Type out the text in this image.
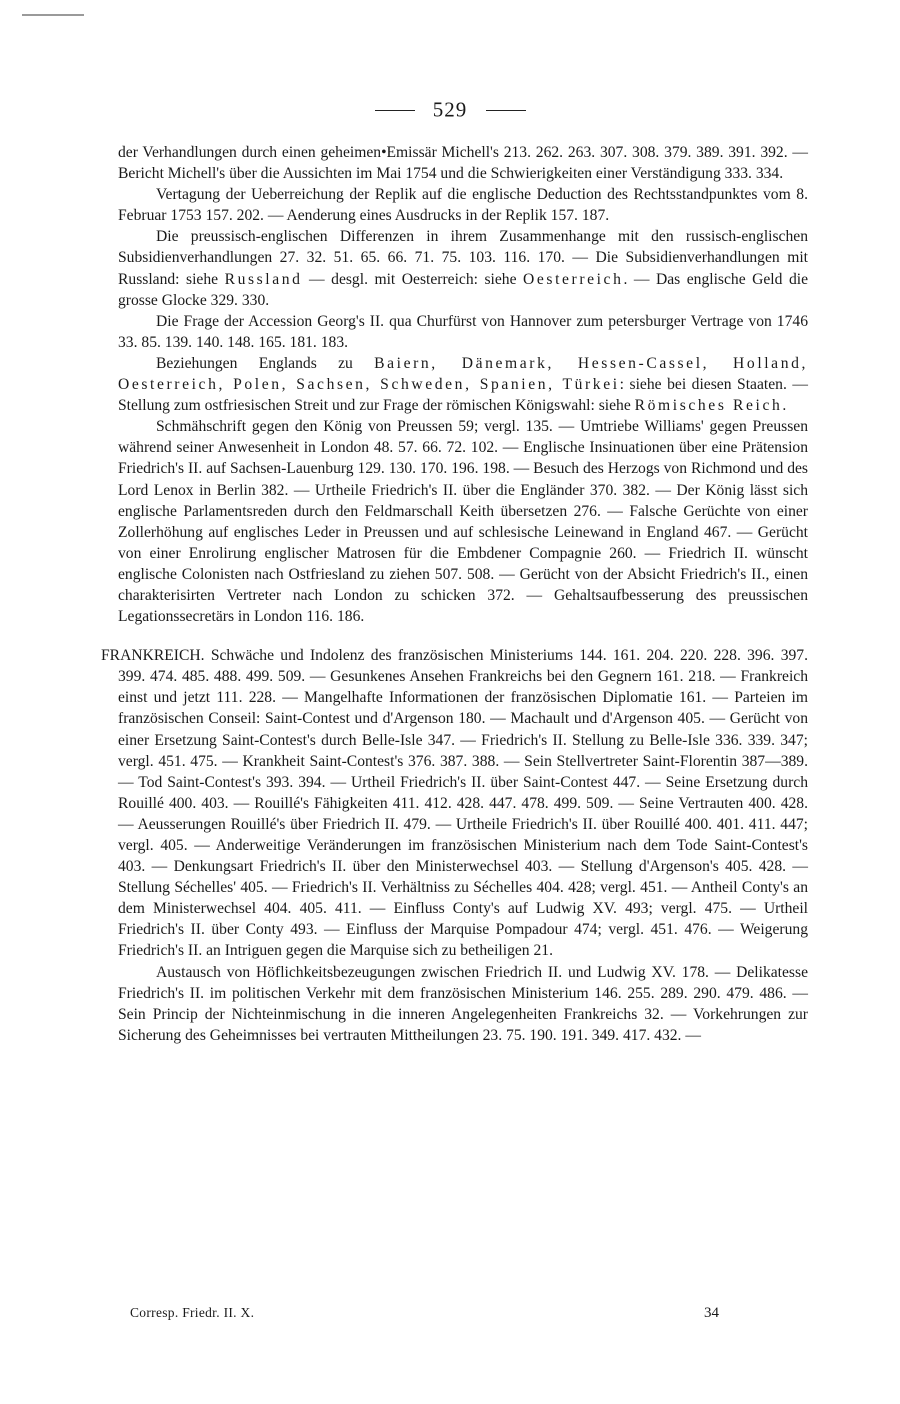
529

der Verhandlungen durch einen geheimen•Emissär Michell's 213. 262. 263. 307. 308. 379. 389. 391. 392. — Bericht Michell's über die Aussichten im Mai 1754 und die Schwierigkeiten einer Verständigung 333. 334.

Vertagung der Ueberreichung der Replik auf die englische Deduction des Rechtsstandpunktes vom 8. Februar 1753 157. 202. — Aenderung eines Ausdrucks in der Replik 157. 187.

Die preussisch-englischen Differenzen in ihrem Zusammenhange mit den russisch-englischen Subsidienverhandlungen 27. 32. 51. 65. 66. 71. 75. 103. 116. 170. — Die Subsidienverhandlungen mit Russland: siehe Russland — desgl. mit Oesterreich: siehe Oesterreich. — Das englische Geld die grosse Glocke 329. 330.

Die Frage der Accession Georg's II. qua Churfürst von Hannover zum petersburger Vertrage von 1746 33. 85. 139. 140. 148. 165. 181. 183.

Beziehungen Englands zu Baiern, Dänemark, Hessen-Cassel, Holland, Oesterreich, Polen, Sachsen, Schweden, Spanien, Türkei: siehe bei diesen Staaten. — Stellung zum ostfriesischen Streit und zur Frage der römischen Königswahl: siehe Römisches Reich.

Schmähschrift gegen den König von Preussen 59; vergl. 135. — Umtriebe Williams' gegen Preussen während seiner Anwesenheit in London 48. 57. 66. 72. 102. — Englische Insinuationen über eine Prätension Friedrich's II. auf Sachsen-Lauenburg 129. 130. 170. 196. 198. — Besuch des Herzogs von Richmond und des Lord Lenox in Berlin 382. — Urtheile Friedrich's II. über die Engländer 370. 382. — Der König lässt sich englische Parlamentsreden durch den Feldmarschall Keith übersetzen 276. — Falsche Gerüchte von einer Zollerhöhung auf englisches Leder in Preussen und auf schlesische Leinewand in England 467. — Gerücht von einer Enrolirung englischer Matrosen für die Embdener Compagnie 260. — Friedrich II. wünscht englische Colonisten nach Ostfriesland zu ziehen 507. 508. — Gerücht von der Absicht Friedrich's II., einen charakterisirten Vertreter nach London zu schicken 372. — Gehaltsaufbesserung des preussischen Legationssecretärs in London 116. 186.

FRANKREICH. Schwäche und Indolenz des französischen Ministeriums 144. 161. 204. 220. 228. 396. 397. 399. 474. 485. 488. 499. 509. — Gesunkenes Ansehen Frankreichs bei den Gegnern 161. 218. — Frankreich einst und jetzt 111. 228. — Mangelhafte Informationen der französischen Diplomatie 161. — Parteien im französischen Conseil: Saint-Contest und d'Argenson 180. — Machault und d'Argenson 405. — Gerücht von einer Ersetzung Saint-Contest's durch Belle-Isle 347. — Friedrich's II. Stellung zu Belle-Isle 336. 339. 347; vergl. 451. 475. — Krankheit Saint-Contest's 376. 387. 388. — Sein Stellvertreter Saint-Florentin 387—389. — Tod Saint-Contest's 393. 394. — Urtheil Friedrich's II. über Saint-Contest 447. — Seine Ersetzung durch Rouillé 400. 403. — Rouillé's Fähigkeiten 411. 412. 428. 447. 478. 499. 509. — Seine Vertrauten 400. 428. — Aeusserungen Rouillé's über Friedrich II. 479. — Urtheile Friedrich's II. über Rouillé 400. 401. 411. 447; vergl. 405. — Anderweitige Veränderungen im französischen Ministerium nach dem Tode Saint-Contest's 403. — Denkungsart Friedrich's II. über den Ministerwechsel 403. — Stellung d'Argenson's 405. 428. — Stellung Séchelles' 405. — Friedrich's II. Verhältniss zu Séchelles 404. 428; vergl. 451. — Antheil Conty's an dem Ministerwechsel 404. 405. 411. — Einfluss Conty's auf Ludwig XV. 493; vergl. 475. — Urtheil Friedrich's II. über Conty 493. — Einfluss der Marquise Pompadour 474; vergl. 451. 476. — Weigerung Friedrich's II. an Intriguen gegen die Marquise sich zu betheiligen 21.

Austausch von Höflichkeitsbezeugungen zwischen Friedrich II. und Ludwig XV. 178. — Delikatesse Friedrich's II. im politischen Verkehr mit dem französischen Ministerium 146. 255. 289. 290. 479. 486. — Sein Princip der Nichteinmischung in die inneren Angelegenheiten Frankreichs 32. — Vorkehrungen zur Sicherung des Geheimnisses bei vertrauten Mittheilungen 23. 75. 190. 191. 349. 417. 432. —

Corresp. Friedr. II. X.	34
